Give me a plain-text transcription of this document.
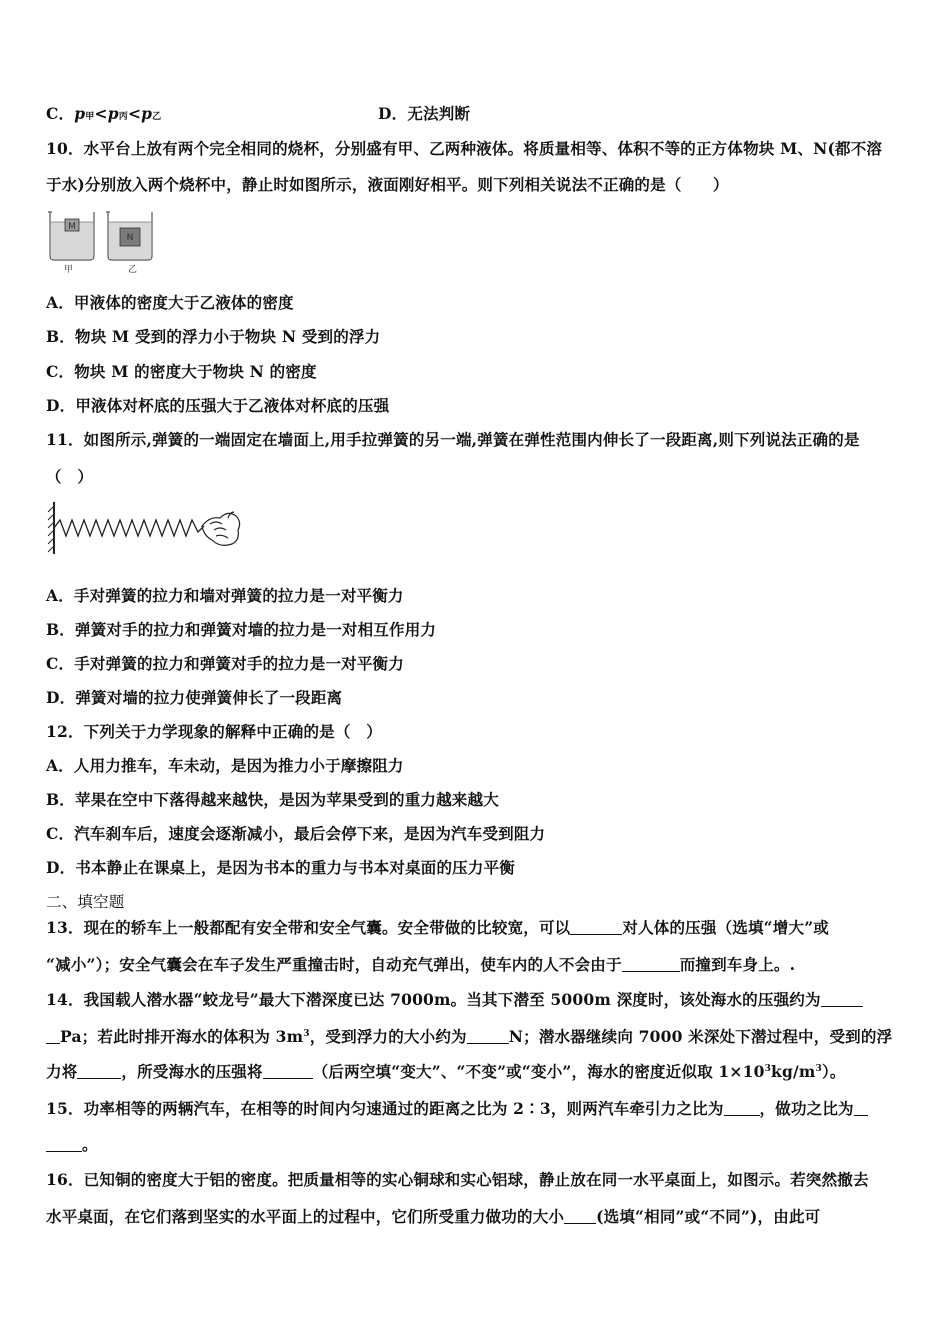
C．p甲<p丙<p乙	D．无法判断
10．水平台上放有两个完全相同的烧杯，分别盛有甲、乙两种液体。将质量相等、体积不等的正方体物块 M、N(都不溶
于水)分别放入两个烧杯中，静止时如图所示，液面刚好相平。则下列相关说法不正确的是（　　）
M
N
甲	乙
A．甲液体的密度大于乙液体的密度
B．物块 M 受到的浮力小于物块 N 受到的浮力
C．物块 M 的密度大于物块 N 的密度
D．甲液体对杯底的压强大于乙液体对杯底的压强
11．如图所示,弹簧的一端固定在墙面上,用手拉弹簧的另一端,弹簧在弹性范围内伸长了一段距离,则下列说法正确的是
（　）
A．手对弹簧的拉力和墙对弹簧的拉力是一对平衡力
B．弹簧对手的拉力和弹簧对墙的拉力是一对相互作用力
C．手对弹簧的拉力和弹簧对手的拉力是一对平衡力
D．弹簧对墙的拉力使弹簧伸长了一段距离
12．下列关于力学现象的解释中正确的是（　）
A．人用力推车，车未动，是因为推力小于摩擦阻力
B．苹果在空中下落得越来越快，是因为苹果受到的重力越来越大
C．汽车刹车后，速度会逐渐减小，最后会停下来，是因为汽车受到阻力
D．书本静止在课桌上，是因为书本的重力与书本对桌面的压力平衡
二、填空题
13．现在的轿车上一般都配有安全带和安全气囊。安全带做的比较宽，可以	对人体的压强（选填“增大”或
“减小”）；安全气囊会在车子发生严重撞击时，自动充气弹出，使车内的人不会由于	而撞到车身上。.
14．我国载人潜水器“蛟龙号”最大下潜深度已达 7000m。当其下潜至 5000m 深度时，该处海水的压强约为
Pa；若此时排开海水的体积为 $3m^3$，受到浮力的大小约为	N；潜水器继续向 7000 米深处下潜过程中，受到的浮
力将	，所受海水的压强将	（后两空填“变大”、“不变”或“变小”，海水的密度近似取 $1\times 10^3kg/m^3$）。
15．功率相等的两辆汽车，在相等的时间内匀速通过的距离之比为 2∶3，则两汽车牵引力之比为 ，做功之比为
。
16．已知铜的密度大于铝的密度。把质量相等的实心铜球和实心铝球，静止放在同一水平桌面上，如图示。若突然撤去
水平桌面，在它们落到坚实的水平面上的过程中，它们所受重力做功的大小 (选填“相同”或“不同”)，由此可
